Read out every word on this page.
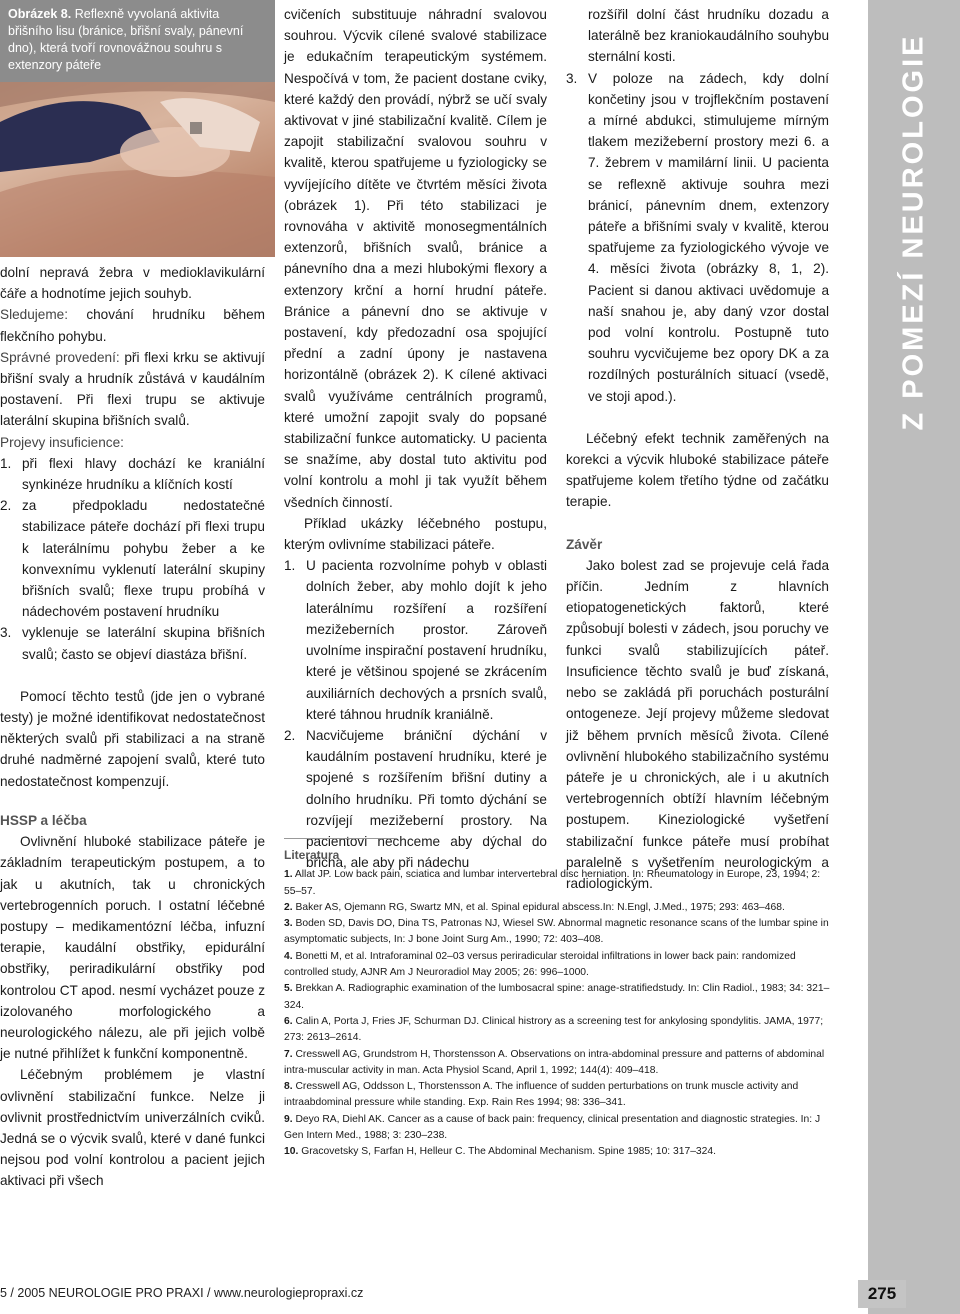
Obrázek 8. Reflexně vyvolaná aktivita břišního lisu (bránice, břišní svaly, pánevní dno), která tvoří rovnovážnou souhru s extenzory páteře

dolní nepravá žebra v medioklavikulární čáře a hodnotíme jejich souhyb.

Sledujeme: chování hrudníku během flekčního pohybu.

Správné provedení: při flexi krku se aktivují břišní svaly a hrudník zůstává v kaudálním postavení. Při flexi trupu se aktivuje laterální skupina břišních svalů.

Projevy insuficience:

1. při flexi hlavy dochází ke kraniální synkinéze hrudníku a klíčních kostí
2. za předpokladu nedostatečné stabilizace páteře dochází při flexi trupu k laterálnímu pohybu žeber a ke konvexnímu vyklenutí laterální skupiny břišních svalů; flexe trupu probíhá v nádechovém postavení hrudníku
3. vyklenuje se laterální skupina břišních svalů; často se objeví diastáza břišní.

Pomocí těchto testů (jde jen o vybrané testy) je možné identifikovat nedostatečnost některých svalů při stabilizaci a na straně druhé nadměrné zapojení svalů, které tuto nedostatečnost kompenzují.

HSSP a léčba

Ovlivnění hluboké stabilizace páteře je základním terapeutickým postupem, a to jak u akutních, tak u chronických vertebrogenních poruch. I ostatní léčebné postupy – medikamentózní léčba, infuzní terapie, kaudální obstřiky, epidurální obstřiky, periradikulární obstřiky pod kontrolou CT apod. nesmí vycházet pouze z izolovaného morfologického a neurologického nálezu, ale při jejich volbě je nutné přihlížet k funkční komponentně.

Léčebným problémem je vlastní ovlivnění stabilizační funkce. Nelze ji ovlivnit prostřednictvím univerzálních cviků. Jedná se o výcvik svalů, které v dané funkci nejsou pod volní kontrolou a pacient jejich aktivaci při všech

cvičeních substituuje náhradní svalovou souhrou. Výcvik cílené svalové stabilizace je edukačním terapeutickým systémem. Nespočívá v tom, že pacient dostane cviky, které každý den provádí, nýbrž se učí svaly aktivovat v jiné stabilizační kvalitě. Cílem je zapojit stabilizační svalovou souhru v kvalitě, kterou spatřujeme u fyziologicky se vyvíjejícího dítěte ve čtvrtém měsíci života (obrázek 1). Při této stabilizaci je rovnováha v aktivitě monosegmentálních extenzorů, břišních svalů, bránice a pánevního dna a mezi hlubokými flexory a extenzory krční a horní hrudní páteře. Bránice a pánevní dno se aktivuje v postavení, kdy předozadní osa spojující přední a zadní úpony je nastavena horizontálně (obrázek 2). K cílené aktivaci svalů využíváme centrálních programů, které umožní zapojit svaly do popsané stabilizační funkce automaticky. U pacienta se snažíme, aby dostal tuto aktivitu pod volní kontrolu a mohl ji tak využít během všedních činností.

Příklad ukázky léčebného postupu, kterým ovlivníme stabilizaci páteře.

1. U pacienta rozvolníme pohyb v oblasti dolních žeber, aby mohlo dojít k jeho laterálnímu rozšíření a rozšíření mezižeberních prostor. Zároveň uvolníme inspirační postavení hrudníku, které je většinou spojené se zkrácením auxiliárních dechových a prsních svalů, které táhnou hrudník kraniálně.
2. Nacvičujeme brániční dýchání v kaudálním postavení hrudníku, které je spojené s rozšířením břišní dutiny a dolního hrudníku. Při tomto dýchání se rozvíjejí mezižeberní prostory. Na pacientovi nechceme aby dýchal do břicha, ale aby při nádechu

rozšířil dolní část hrudníku dozadu a laterálně bez kraniokaudálního souhybu sternální kosti.

3. V poloze na zádech, kdy dolní končetiny jsou v trojflekčním postavení a mírné abdukci, stimulujeme mírným tlakem mezižeberní prostory mezi 6. a 7. žebrem v mamilární linii. U pacienta se reflexně aktivuje souhra mezi bránicí, pánevním dnem, extenzory páteře a břišními svaly v kvalitě, kterou spatřujeme za fyziologického vývoje ve 4. měsíci života (obrázky 8, 1, 2). Pacient si danou aktivaci uvědomuje a naší snahou je, aby daný vzor dostal pod volní kontrolu. Postupně tuto souhru vycvičujeme bez opory DK a za rozdílných posturálních situací (vsedě, ve stoji apod.).

Léčebný efekt technik zaměřených na korekci a výcvik hluboké stabilizace páteře spatřujeme kolem třetího týdne od začátku terapie.

Závěr

Jako bolest zad se projevuje celá řada příčin. Jedním z hlavních etiopatogenetických faktorů, které způsobují bolesti v zádech, jsou poruchy ve funkci svalů stabilizujících páteř. Insuficience těchto svalů je buď získaná, nebo se zakládá při poruchách posturální ontogeneze. Její projevy můžeme sledovat již během prvních měsíců života. Cílené ovlivnění hlubokého stabilizačního systému páteře je u chronických, ale i u akutních vertebrogenních obtíží hlavním léčebným postupem. Kineziologické vyšetření stabilizační funkce páteře musí probíhat paralelně s vyšetřením neurologickým a radiologickým.

Z POMEZÍ NEUROLOGIE
Literatura
1. Allat JP. Low back pain, sciatica and lumbar intervertebral disc herniation. In: Rheumatology in Europe, 23, 1994; 2: 55–57.
2. Baker AS, Ojemann RG, Swartz MN, et al. Spinal epidural abscess.In: N.Engl, J.Med., 1975; 293: 463–468.
3. Boden SD, Davis DO, Dina TS, Patronas NJ, Wiesel SW. Abnormal magnetic resonance scans of the lumbar spine in asymptomatic subjects, In: J bone Joint Surg Am., 1990; 72: 403–408.
4. Bonetti M, et al. Intraforaminal 02–03 versus periradicular steroidal infiltrations in lower back pain: randomized controlled study, AJNR Am J Neuroradiol May 2005; 26: 996–1000.
5. Brekkan A. Radiographic examination of the lumbosacral spine: anage-stratifiedstudy. In: Clin Radiol., 1983; 34: 321–324.
6. Calin A, Porta J, Fries JF, Schurman DJ. Clinical histrory as a screening test for ankylosing spondylitis. JAMA, 1977; 273: 2613–2614.
7. Cresswell AG, Grundstrom H, Thorstensson A. Observations on intra-abdominal pressure and patterns of abdominal intra-muscular activity in man. Acta Physiol Scand, April 1, 1992; 144(4): 409–418.
8. Cresswell AG, Oddsson L, Thorstensson A. The influence of sudden perturbations on trunk muscle activity and intraabdominal pressure while standing. Exp. Rain Res 1994; 98: 336–341.
9. Deyo RA, Diehl AK. Cancer as a cause of back pain: frequency, clinical presentation and diagnostic strategies. In: J Gen Intern Med., 1988; 3: 230–238.
10. Gracovetsky S, Farfan H, Helleur C. The Abdominal Mechanism. Spine 1985; 10: 317–324.
5 / 2005 NEUROLOGIE PRO PRAXI / www.neurologiepropraxi.cz	275
